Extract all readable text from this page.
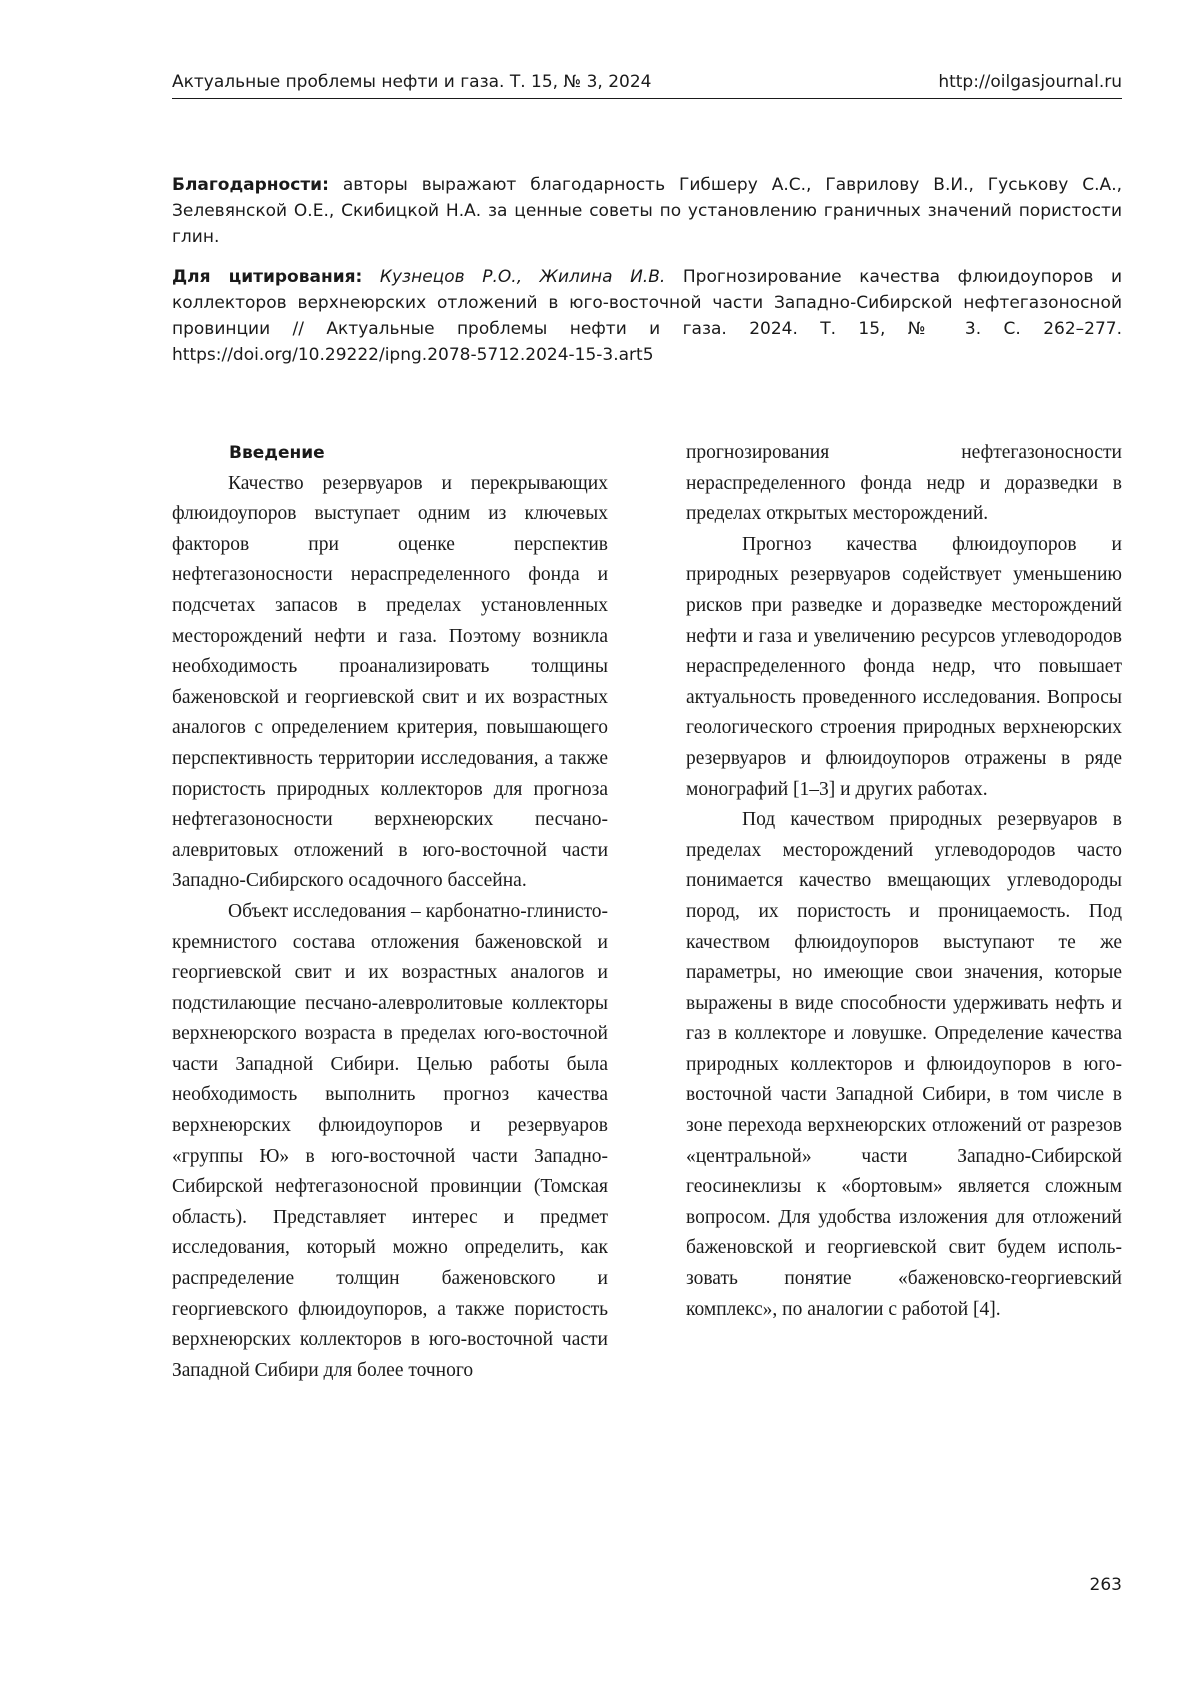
Актуальные проблемы нефти и газа. Т. 15, № 3, 2024	http://oilgasjournal.ru

Благодарности: авторы выражают благодарность Гибшеру А.С., Гаврилову В.И., Гуськову С.А., Зелевянской О.Е., Скибицкой Н.А. за ценные советы по установлению граничных значений пористости глин.

Для цитирования: Кузнецов Р.О., Жилина И.В. Прогнозирование качества флюидоупоров и коллекторов верхнеюрских отложений в юго-восточной части Западно-Сибирской нефтегазоносной провинции // Актуальные проблемы нефти и газа. 2024. Т. 15, № 3. С. 262–277. https://doi.org/10.29222/ipng.2078-5712.2024-15-3.art5

Введение

Качество резервуаров и перекрывающих флюидоупоров выступает одним из ключевых факторов при оценке перспектив нефтегазоносности нераспределенного фонда и подсчетах запасов в пределах установленных месторождений нефти и газа. Поэтому возникла необходимость проанализировать толщины баженовской и георгиевской свит и их возрастных аналогов с определением критерия, повышающего перспективность территории исследования, а также пористость природных коллекторов для прогноза нефтегазоносности верхнеюрских песчано-алевритовых отложений в юго-восточной части Западно-Сибирского осадочного бассейна.

Объект исследования – карбонатно-глинисто-кремнистого состава отложения баженовской и георгиевской свит и их возрастных аналогов и подстилающие песчано-алевролитовые коллекторы верхнеюрского возраста в пределах юго-восточной части Западной Сибири. Целью работы была необходимость выполнить прогноз качества верхнеюрских флюидоупоров и резервуаров «группы Ю» в юго-восточной части Западно-Сибирской нефтегазоносной провинции (Томская область). Представляет интерес и предмет исследования, который можно определить, как распределение толщин баженовского и георгиевского флюидоупоров, а также пористость верхнеюрских коллекторов в юго-восточной части Западной Сибири для более точного

прогнозирования нефтегазоносности нераспределенного фонда недр и доразведки в пределах открытых месторождений.

Прогноз качества флюидоупоров и природных резервуаров содействует уменьшению рисков при разведке и доразведке месторождений нефти и газа и увеличению ресурсов углеводородов нераспределенного фонда недр, что повышает актуальность проведенного исследования. Вопросы геологического строения природных верхнеюрских резервуаров и флюидоупоров отражены в ряде монографий [1–3] и других работах.

Под качеством природных резервуаров в пределах месторождений углеводородов часто понимается качество вмещающих углеводороды пород, их пористость и проницаемость. Под качеством флюидоупоров выступают те же параметры, но имеющие свои значения, которые выражены в виде способности удерживать нефть и газ в коллекторе и ловушке. Определение качества природных коллекторов и флюидоупоров в юго-восточной части Западной Сибири, в том числе в зоне перехода верхнеюрских отложений от разрезов «центральной» части Западно-Сибирской геосинеклизы к «бортовым» является сложным вопросом. Для удобства изложения для отложений баженовской и георгиевской свит будем использовать понятие «баженовско-георгиевский комплекс», по аналогии с работой [4].

263
